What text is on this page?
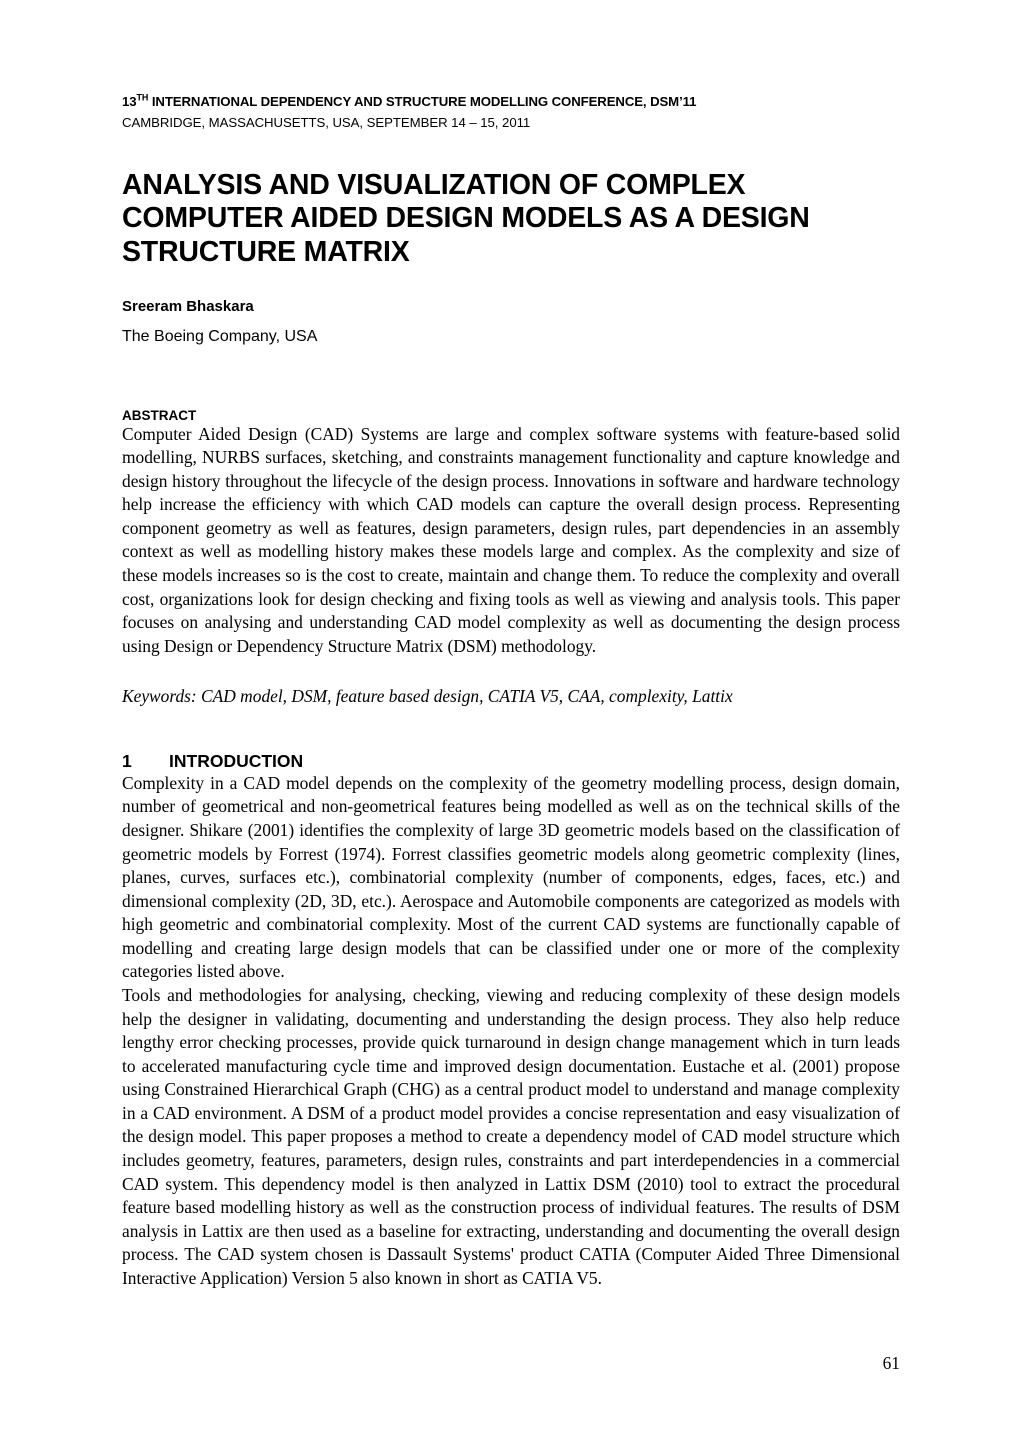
13TH INTERNATIONAL DEPENDENCY AND STRUCTURE MODELLING CONFERENCE, DSM’11
CAMBRIDGE, MASSACHUSETTS, USA, SEPTEMBER 14 – 15, 2011
ANALYSIS AND VISUALIZATION OF COMPLEX COMPUTER AIDED DESIGN MODELS AS A DESIGN STRUCTURE MATRIX
Sreeram Bhaskara
The Boeing Company, USA
ABSTRACT

Computer Aided Design (CAD) Systems are large and complex software systems with feature-based solid modelling, NURBS surfaces, sketching, and constraints management functionality and capture knowledge and design history throughout the lifecycle of the design process. Innovations in software and hardware technology help increase the efficiency with which CAD models can capture the overall design process. Representing component geometry as well as features, design parameters, design rules, part dependencies in an assembly context as well as modelling history makes these models large and complex. As the complexity and size of these models increases so is the cost to create, maintain and change them. To reduce the complexity and overall cost, organizations look for design checking and fixing tools as well as viewing and analysis tools. This paper focuses on analysing and understanding CAD model complexity as well as documenting the design process using Design or Dependency Structure Matrix (DSM) methodology.

Keywords: CAD model, DSM, feature based design, CATIA V5, CAA, complexity, Lattix
1	INTRODUCTION

Complexity in a CAD model depends on the complexity of the geometry modelling process, design domain, number of geometrical and non-geometrical features being modelled as well as on the technical skills of the designer. Shikare (2001) identifies the complexity of large 3D geometric models based on the classification of geometric models by Forrest (1974). Forrest classifies geometric models along geometric complexity (lines, planes, curves, surfaces etc.), combinatorial complexity (number of components, edges, faces, etc.) and dimensional complexity (2D, 3D, etc.). Aerospace and Automobile components are categorized as models with high geometric and combinatorial complexity. Most of the current CAD systems are functionally capable of modelling and creating large design models that can be classified under one or more of the complexity categories listed above.

Tools and methodologies for analysing, checking, viewing and reducing complexity of these design models help the designer in validating, documenting and understanding the design process. They also help reduce lengthy error checking processes, provide quick turnaround in design change management which in turn leads to accelerated manufacturing cycle time and improved design documentation. Eustache et al. (2001) propose using Constrained Hierarchical Graph (CHG) as a central product model to understand and manage complexity in a CAD environment. A DSM of a product model provides a concise representation and easy visualization of the design model. This paper proposes a method to create a dependency model of CAD model structure which includes geometry, features, parameters, design rules, constraints and part interdependencies in a commercial CAD system. This dependency model is then analyzed in Lattix DSM (2010) tool to extract the procedural feature based modelling history as well as the construction process of individual features. The results of DSM analysis in Lattix are then used as a baseline for extracting, understanding and documenting the overall design process. The CAD system chosen is Dassault Systems' product CATIA (Computer Aided Three Dimensional Interactive Application) Version 5 also known in short as CATIA V5.

61
